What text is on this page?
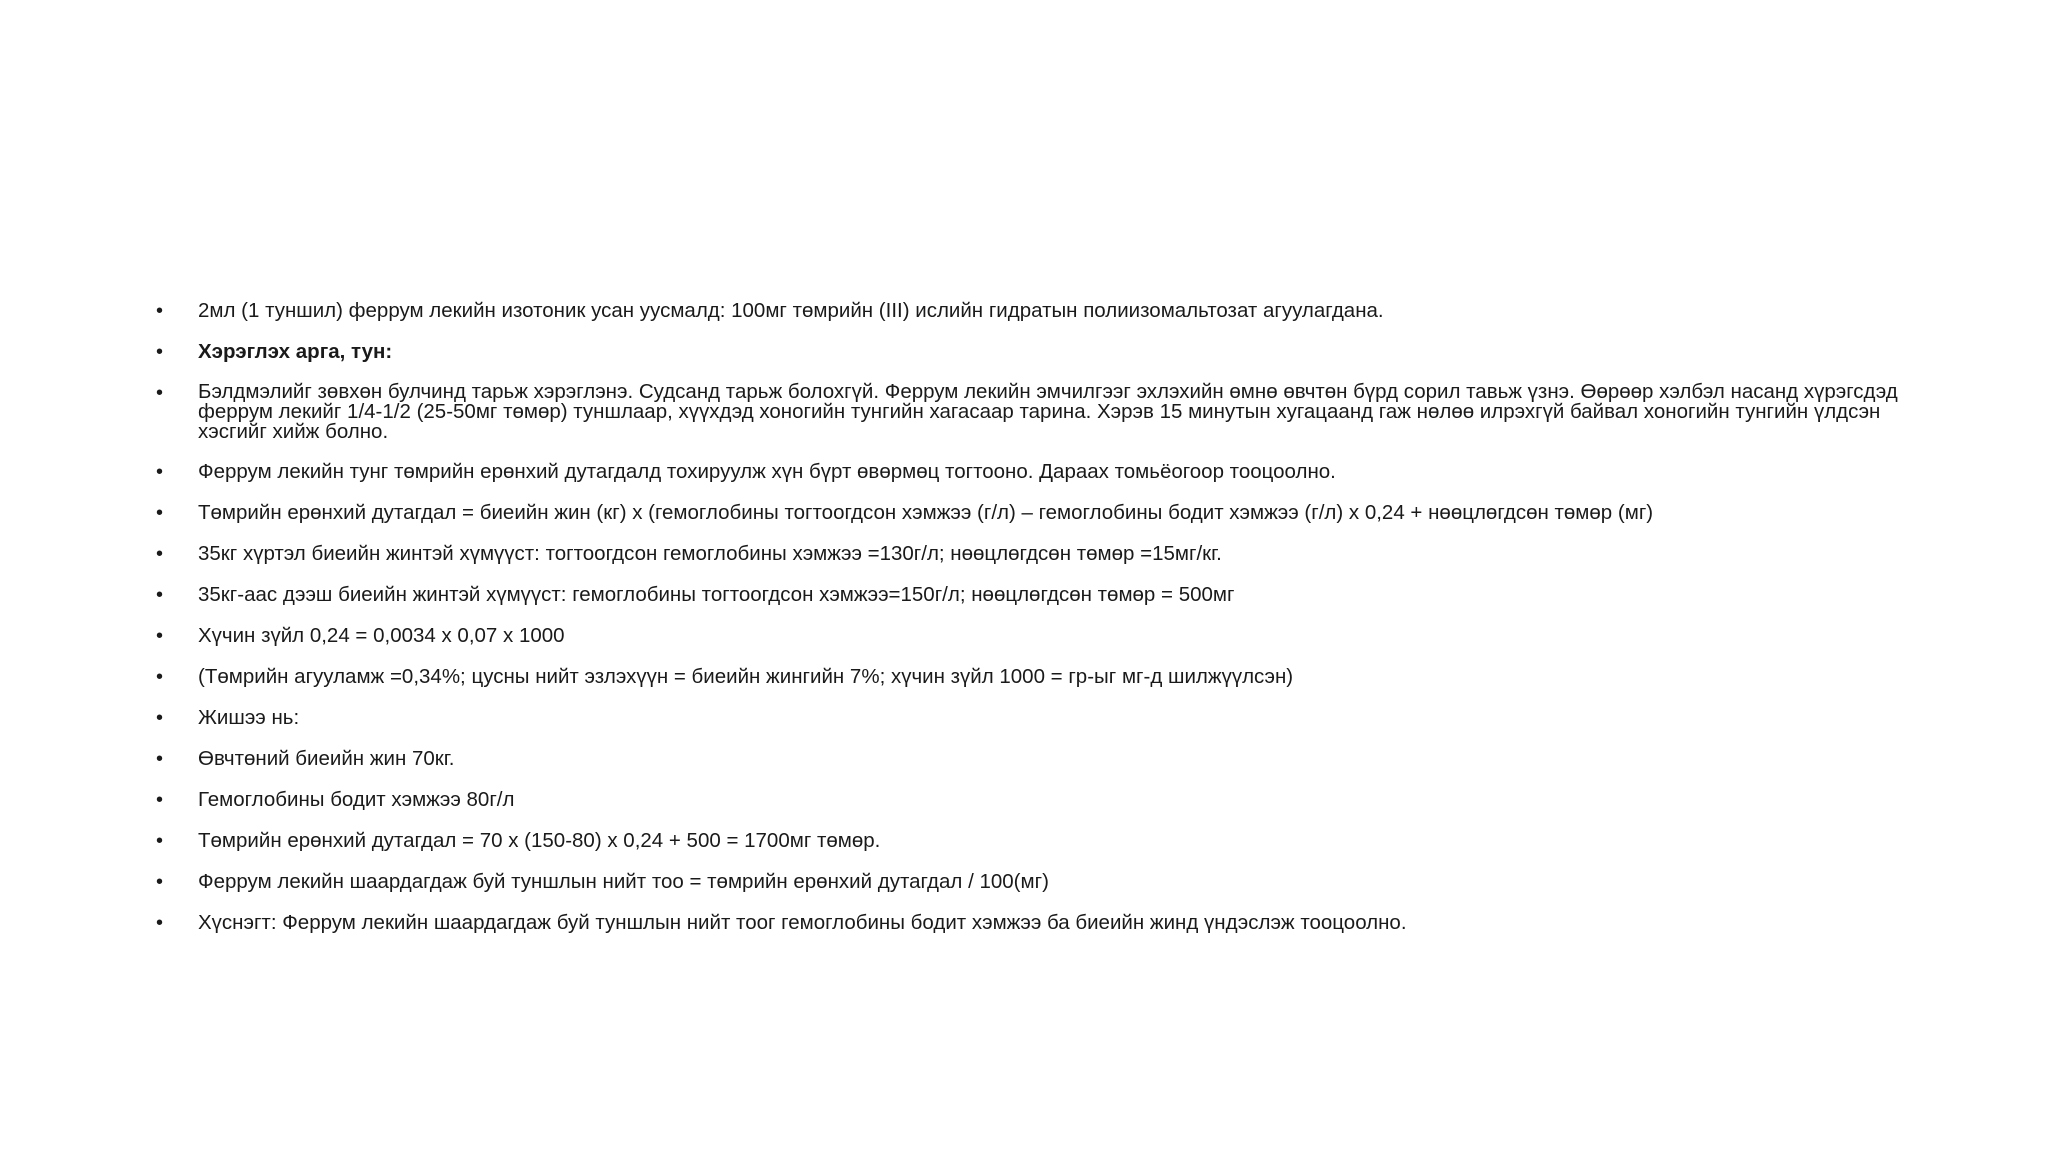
• 2мл (1 туншил) феррум лекийн изотоник усан уусмалд: 100мг төмрийн (III) ислийн гидратын полиизомальтозат агуулагдана.
• Хэрэглэх арга, тун:
• Бэлдмэлийг зөвхөн булчинд тарьж хэрэглэнэ. Судсанд тарьж болохгүй. Феррум лекийн эмчилгээг эхлэхийн өмнө өвчтөн бүрд сорил тавьж үзнэ. Өөрөөр хэлбэл насанд хүрэгсдэд феррум лекийг 1/4-1/2 (25-50мг төмөр) туншлаар, хүүхдэд хоногийн тунгийн хагасаар тарина. Хэрэв 15 минутын хугацаанд гаж нөлөө илрэхгүй байвал хоногийн тунгийн үлдсэн хэсгийг хийж болно.
• Феррум лекийн тунг төмрийн ерөнхий дутагдалд тохируулж хүн бүрт өвөрмөц тогтооно. Дараах томьёогоор тооцоолно.
• Төмрийн ерөнхий дутагдал = биеийн жин (кг) x (гемоглобины тогтоогдсон хэмжээ (г/л) – гемоглобины бодит хэмжээ (г/л) x 0,24 + нөөцлөгдсөн төмөр (мг)
• 35кг хүртэл биеийн жинтэй хүмүүст: тогтоогдсон гемоглобины хэмжээ =130г/л; нөөцлөгдсөн төмөр =15мг/кг.
• 35кг-аас дээш биеийн жинтэй хүмүүст: гемоглобины тогтоогдсон хэмжээ=150г/л; нөөцлөгдсөн төмөр = 500мг
• Хүчин зүйл 0,24 = 0,0034 x 0,07 x 1000
• (Төмрийн агууламж =0,34%; цусны нийт эзлэхүүн = биеийн жингийн 7%; хүчин зүйл 1000 = гр-ыг мг-д шилжүүлсэн)
• Жишээ нь:
• Өвчтөний биеийн жин 70кг.
• Гемоглобины бодит хэмжээ 80г/л
• Төмрийн ерөнхий дутагдал = 70 x (150-80) x 0,24 + 500 = 1700мг төмөр.
• Феррум лекийн шаардагдаж буй туншлын нийт тоо = төмрийн ерөнхий дутагдал / 100(мг)
• Хүснэгт: Феррум лекийн шаардагдаж буй туншлын нийт тоог гемоглобины бодит хэмжээ ба биеийн жинд үндэслэж тооцоолно.
